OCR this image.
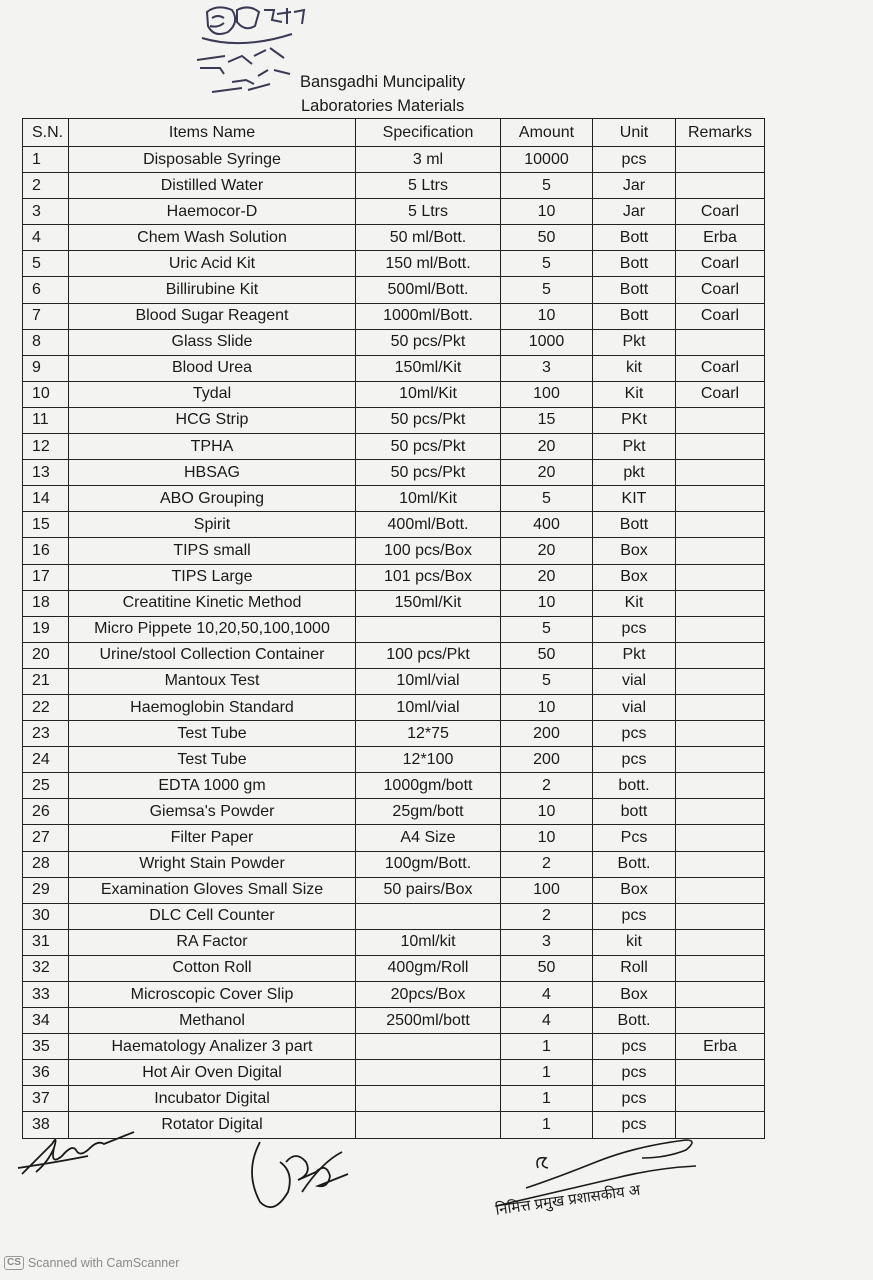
Bansgadhi Muncipality
Laboratories Materials
S.N.	Items Name	Specification	Amount	Unit	Remarks
1	Disposable Syringe	3 ml	10000	pcs	
2	Distilled Water	5 Ltrs	5	Jar	
3	Haemocor-D	5 Ltrs	10	Jar	Coarl
4	Chem Wash Solution	50 ml/Bott.	50	Bott	Erba
5	Uric Acid Kit	150 ml/Bott.	5	Bott	Coarl
6	Billirubine Kit	500ml/Bott.	5	Bott	Coarl
7	Blood Sugar Reagent	1000ml/Bott.	10	Bott	Coarl
8	Glass Slide	50 pcs/Pkt	1000	Pkt	
9	Blood Urea	150ml/Kit	3	kit	Coarl
10	Tydal	10ml/Kit	100	Kit	Coarl
11	HCG Strip	50 pcs/Pkt	15	PKt	
12	TPHA	50 pcs/Pkt	20	Pkt	
13	HBSAG	50 pcs/Pkt	20	pkt	
14	ABO Grouping	10ml/Kit	5	KIT	
15	Spirit	400ml/Bott.	400	Bott	
16	TIPS small	100 pcs/Box	20	Box	
17	TIPS Large	101 pcs/Box	20	Box	
18	Creatitine Kinetic Method	150ml/Kit	10	Kit	
19	Micro Pippete 10,20,50,100,1000		5	pcs	
20	Urine/stool Collection Container	100 pcs/Pkt	50	Pkt	
21	Mantoux Test	10ml/vial	5	vial	
22	Haemoglobin Standard	10ml/vial	10	vial	
23	Test Tube	12*75	200	pcs	
24	Test Tube	12*100	200	pcs	
25	EDTA 1000 gm	1000gm/bott	2	bott.	
26	Giemsa's Powder	25gm/bott	10	bott	
27	Filter Paper	A4 Size	10	Pcs	
28	Wright Stain Powder	100gm/Bott.	2	Bott.	
29	Examination Gloves Small Size	50 pairs/Box	100	Box	
30	DLC Cell Counter		2	pcs	
31	RA Factor	10ml/kit	3	kit	
32	Cotton Roll	400gm/Roll	50	Roll	
33	Microscopic Cover Slip	20pcs/Box	4	Box	
34	Methanol	2500ml/bott	4	Bott.	
35	Haematology Analizer 3 part		1	pcs	Erba
36	Hot Air Oven Digital		1	pcs	
37	Incubator Digital		1	pcs	
38	Rotator Digital		1	pcs	
निमित्त प्रमुख प्रशासकीय अ
CS Scanned with CamScanner
